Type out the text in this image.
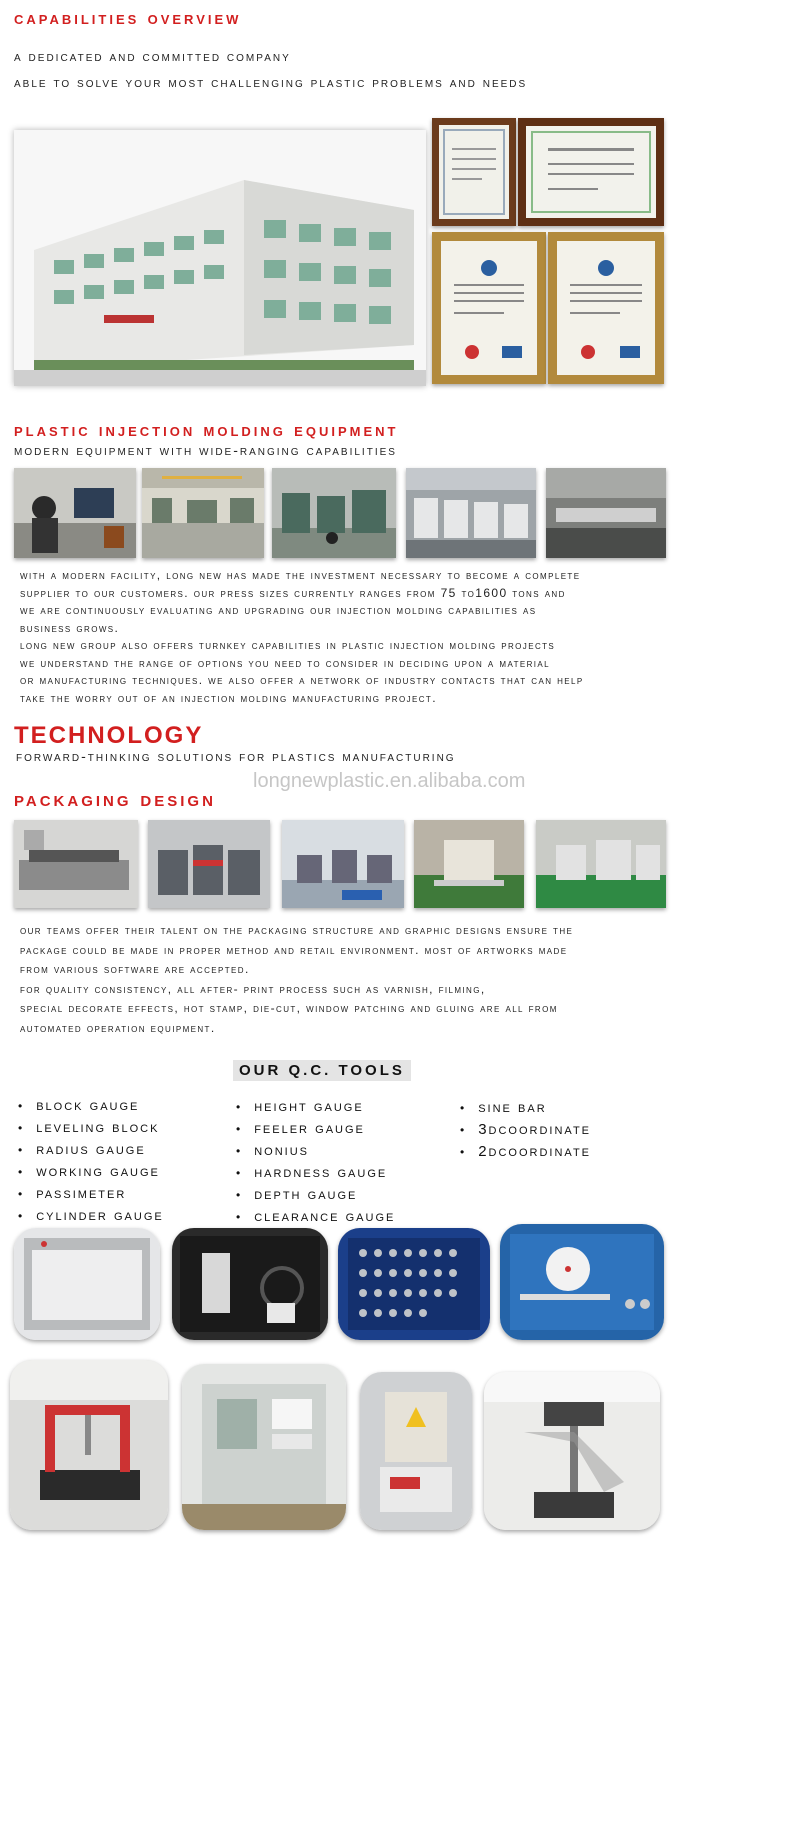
capabilities overview
a dedicated and committed company
able to solve your most challenging plastic problems and needs
plastic injection molding equipment
modern equipment with wide-ranging capabilities

with a modern facility, long new has made the investment necessary to become a complete

supplier to our customers. our press sizes currently ranges from 75 to1600 tons and

we are continuously evaluating and upgrading our injection molding capabilities as

business grows.

long new group also offers turnkey capabilities in plastic injection molding projects

we understand the range of options you need to consider in deciding upon a material

or manufacturing techniques. we also offer a network of industry contacts that can help

take the worry out of an injection molding manufacturing project.

TECHNOLOGY
forward-thinking solutions for plastics manufacturing
longnewplastic.en.alibaba.com
packaging design

our teams offer their talent on the packaging structure and graphic designs ensure the

package could be made in proper method and retail environment. most of artworks made

from various software are accepted.

for quality consistency, all after- print process such as varnish, filming,

special decorate effects, hot stamp, die-cut, window patching and gluing are all from

automated operation equipment.

OUR Q.C. TOOLS
• block gauge
• leveling block
• radius gauge
• working gauge
• passimeter
• cylinder gauge
• height gauge
• feeler gauge
• nonius
• hardness gauge
• depth gauge
• clearance gauge
• sine bar
• 3dcoordinate
• 2dcoordinate
